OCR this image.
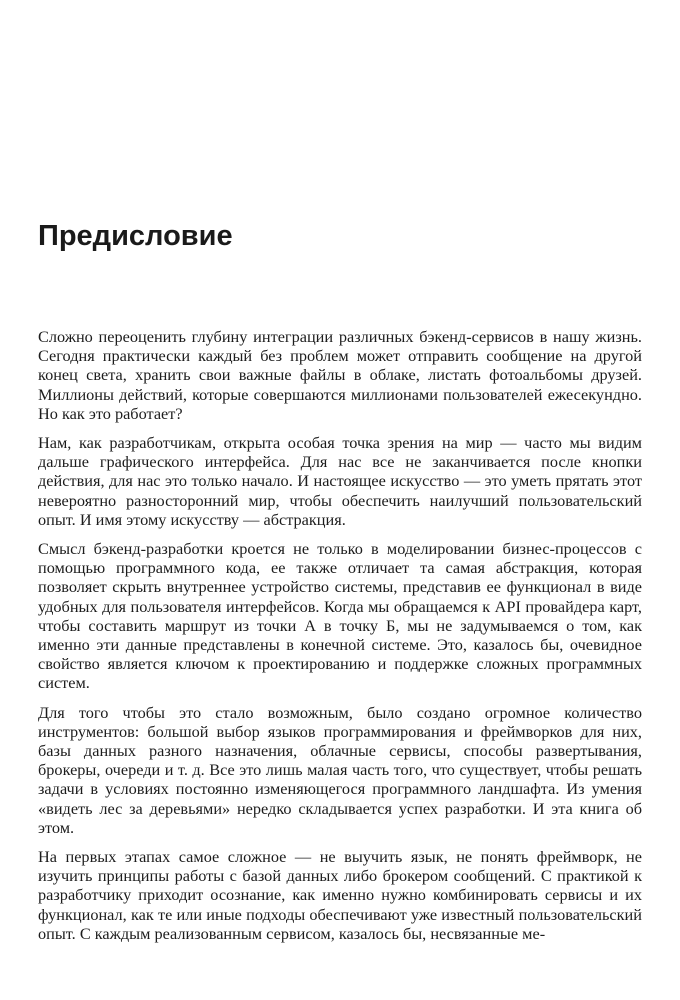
Предисловие

Сложно переоценить глубину интеграции различных бэкенд-сервисов в нашу жизнь. Сегодня практически каждый без проблем может отправить сообщение на другой конец света, хранить свои важные файлы в облаке, листать фотоальбомы друзей. Миллионы действий, которые совершаются миллионами пользователей ежесекундно. Но как это работает?

Нам, как разработчикам, открыта особая точка зрения на мир — часто мы видим дальше графического интерфейса. Для нас все не заканчивается после кнопки действия, для нас это только начало. И настоящее искусство — это уметь прятать этот невероятно разносторонний мир, чтобы обеспечить наилучший пользовательский опыт. И имя этому искусству — абстракция.

Смысл бэкенд-разработки кроется не только в моделировании бизнес-процессов с помощью программного кода, ее также отличает та самая абстракция, которая позволяет скрыть внутреннее устройство системы, представив ее функционал в виде удобных для пользователя интерфейсов. Когда мы обращаемся к API провайдера карт, чтобы составить маршрут из точки А в точку Б, мы не задумываемся о том, как именно эти данные представлены в конечной системе. Это, казалось бы, очевидное свойство является ключом к проектированию и поддержке сложных программных систем.

Для того чтобы это стало возможным, было создано огромное количество инструментов: большой выбор языков программирования и фреймворков для них, базы данных разного назначения, облачные сервисы, способы развертывания, брокеры, очереди и т. д. Все это лишь малая часть того, что существует, чтобы решать задачи в условиях постоянно изменяющегося программного ландшафта. Из умения «видеть лес за деревьями» нередко складывается успех разработки. И эта книга об этом.

На первых этапах самое сложное — не выучить язык, не понять фреймворк, не изучить принципы работы с базой данных либо брокером сообщений. С практикой к разработчику приходит осознание, как именно нужно комбинировать сервисы и их функционал, как те или иные подходы обеспечивают уже известный пользовательский опыт. С каждым реализованным сервисом, казалось бы, несвязанные ме-
